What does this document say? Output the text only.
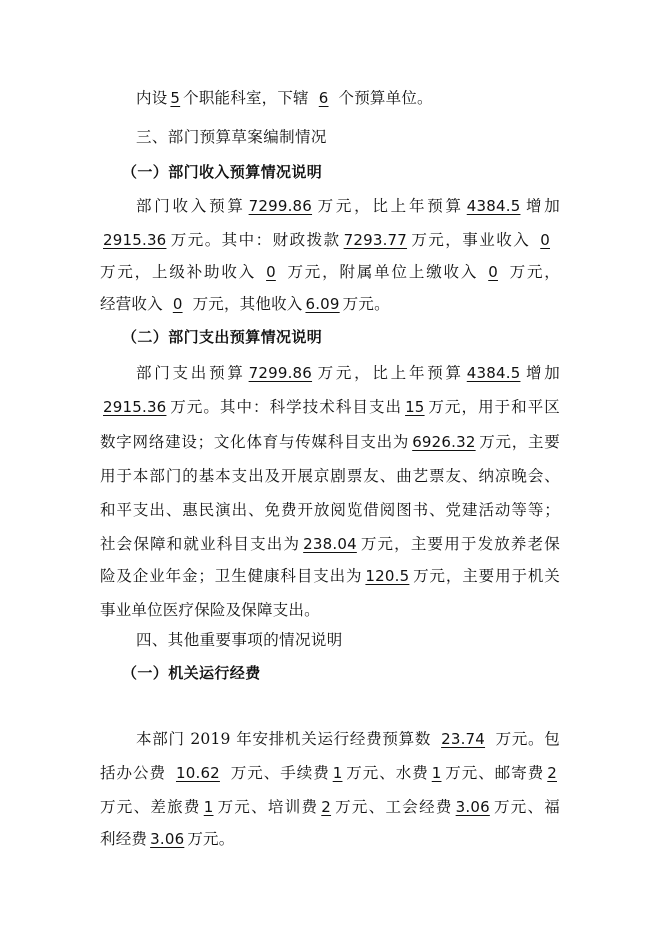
内设 5 个职能科室，下辖 6 个预算单位。
三、部门预算草案编制情况
（一）部门收入预算情况说明
部门收入预算 7299.86 万元，比上年预算 4384.5 增加
2915.36 万元。其中：财政拨款 7293.77 万元，事业收入 0
万元，上级补助收入 0 万元，附属单位上缴收入 0 万元，
经营收入 0 万元，其他收入 6.09 万元。
（二）部门支出预算情况说明
部门支出预算 7299.86 万元，比上年预算 4384.5 增加
2915.36 万元。其中：科学技术科目支出 15 万元，用于和平区
数字网络建设；文化体育与传媒科目支出为 6926.32 万元，主要
用于本部门的基本支出及开展京剧票友、曲艺票友、纳凉晚会、
和平支出、惠民演出、免费开放阅览借阅图书、党建活动等等；
社会保障和就业科目支出为 238.04 万元，主要用于发放养老保
险及企业年金；卫生健康科目支出为 120.5 万元，主要用于机关
事业单位医疗保险及保障支出。
四、其他重要事项的情况说明
（一）机关运行经费
本部门 2019 年安排机关运行经费预算数 23.74 万元。包
括办公费 10.62 万元、手续费 1 万元、水费 1 万元、邮寄费 2
万元、差旅费 1 万元、培训费 2 万元、工会经费 3.06 万元、福
利经费 3.06 万元。
